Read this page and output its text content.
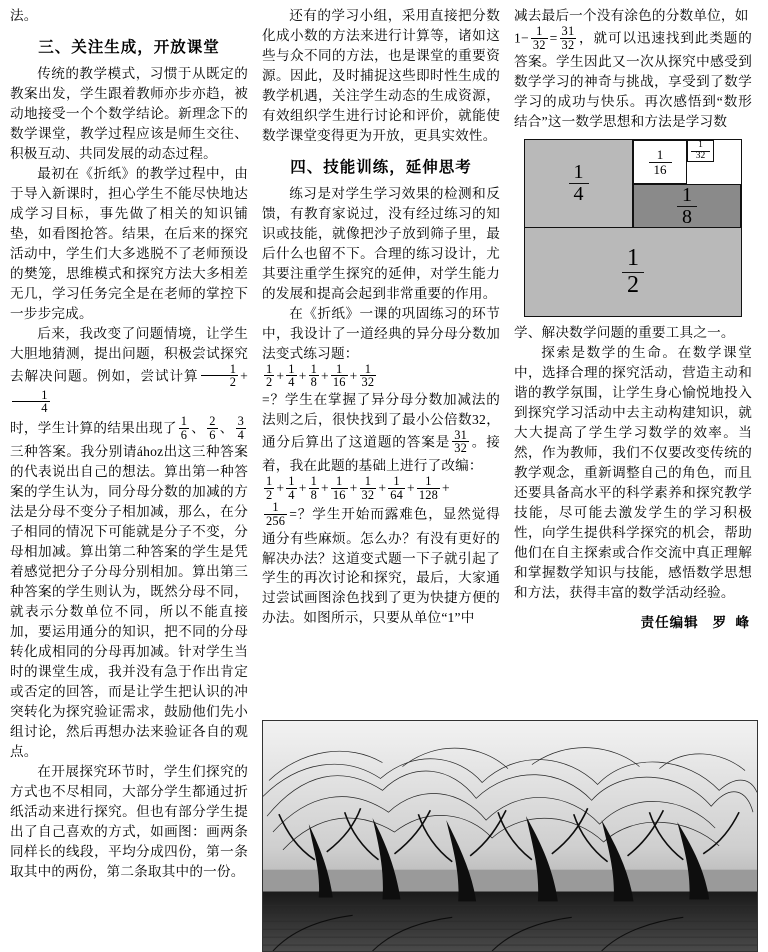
法。

三、关注生成，开放课堂

传统的教学模式，习惯于从既定的教案出发，学生跟着教师亦步亦趋，被动地接受一个个数学结论。新理念下的数学课堂，教学过程应该是师生交往、积极互动、共同发展的动态过程。

最初在《折纸》的教学过程中，由于导入新课时，担心学生不能尽快地达成学习目标，事先做了相关的知识铺垫，如看图抢答。结果，在后来的探究活动中，学生们大多逃脱不了老师预设的樊笼，思维模式和探究方法大多相差无几，学习任务完全是在老师的掌控下一步步完成。

后来，我改变了问题情境，让学生大胆地猜测，提出问题，积极尝试探究去解决问题。例如，尝试计算 $\frac{1}{2}$ +
$\frac{1}{4}$

时，学生计算的结果出现了 $\frac{1}{6}$ 、 $\frac{2}{6}$ 、 $\frac{3}{4}$
三种答案。我分别请ához出这三种答案的代表说出自己的想法。算出第一种答案的学生认为，同分母分数的加减的方法是分母不变分子相加减，那么，在分子相同的情况下可能就是分子不变，分母相加减。算出第二种答案的学生是凭着感觉把分子分母分别相加。算出第三种答案的学生则认为，既然分母不同，就表示分数单位不同，所以不能直接加，要运用通分的知识，把不同的分母转化成相同的分母再加减。针对学生当时的课堂生成，我并没有急于作出肯定或否定的回答，而是让学生把认识的冲突转化为探究验证需求，鼓励他们先小组讨论，然后再想办法来验证各自的观点。

在开展探究环节时，学生们探究的方式也不尽相同，大部分学生都通过折纸活动来进行探究。但也有部分学生提出了自己喜欢的方式，如画图：画两条同样长的线段，平均分成四份，第一条取其中的两份，第二条取其中的一份。

还有的学习小组，采用直接把分数化成小数的方法来进行计算等，诸如这些与众不同的方法，也是课堂的重要资源。因此，及时捕捉这些即时性生成的教学机遇，关注学生动态的生成资源，有效组织学生进行讨论和评价，就能使数学课堂变得更为开放，更具实效性。

四、技能训练，延伸思考

练习是对学生学习效果的检测和反馈，有教育家说过，没有经过练习的知识或技能，就像把沙子放到筛子里，最后什么也留不下。合理的练习设计，尤其要注重学生探究的延伸，对学生能力的发展和提高会起到非常重要的作用。

在《折纸》一课的巩固练习的环节中，我设计了一道经典的异分母分数加法变式练习题：

$\frac{1}{2} + \frac{1}{4} + \frac{1}{8} + \frac{1}{16} + \frac{1}{32}$

=？学生在掌握了异分母分数加减法的法则之后，很快找到了最小公倍数32，通分后算出了这道题的答案是 $\frac{31}{32}$ 。接着，我在此题的基础上进行了改编：

$\frac{1}{2} + \frac{1}{4} + \frac{1}{8} + \frac{1}{16} + \frac{1}{32} + \frac{1}{64} + \frac{1}{128}$ +

$\frac{1}{256}$ =？学生开始而露难色，显然觉得通分有些麻烦。怎么办？有没有更好的解决办法？这道变式题一下子就引起了学生的再次讨论和探究，最后，大家通过尝试画图涂色找到了更为快捷方便的办法。如图所示，只要从单位“1”中

减去最后一个没有涂色的分数单位，如

$1- \frac{1}{32} = \frac{31}{32}$ ，就可以迅速找到此类题的答案。学生因此又一次从探究中感受到数学学习的神奇与挑战，享受到了数学学习的成功与快乐。再次感悟到“数形结合”这一数学思想和方法是学习数

$\frac{1}{2}$
$\frac{1}{4}$
$\frac{1}{8}$
$\frac{1}{16} \frac{1}{32}$

学、解决数学问题的重要工具之一。

探索是数学的生命。在数学课堂中，选择合理的探究活动，营造主动和谐的教学氛围，让学生身心愉悦地投入到探究学习活动中去主动构建知识，就大大提高了学生学习数学的效率。当然，作为教师，我们不仅要改变传统的教学观念，重新调整自己的角色，而且还要具备高水平的科学素养和探究教学技能，尽可能去激发学生的学习积极性，向学生提供科学探究的机会，帮助他们在自主探索或合作交流中真正理解和掌握数学知识与技能，感悟数学思想和方法，获得丰富的数学活动经验。

责任编辑 罗 峰
